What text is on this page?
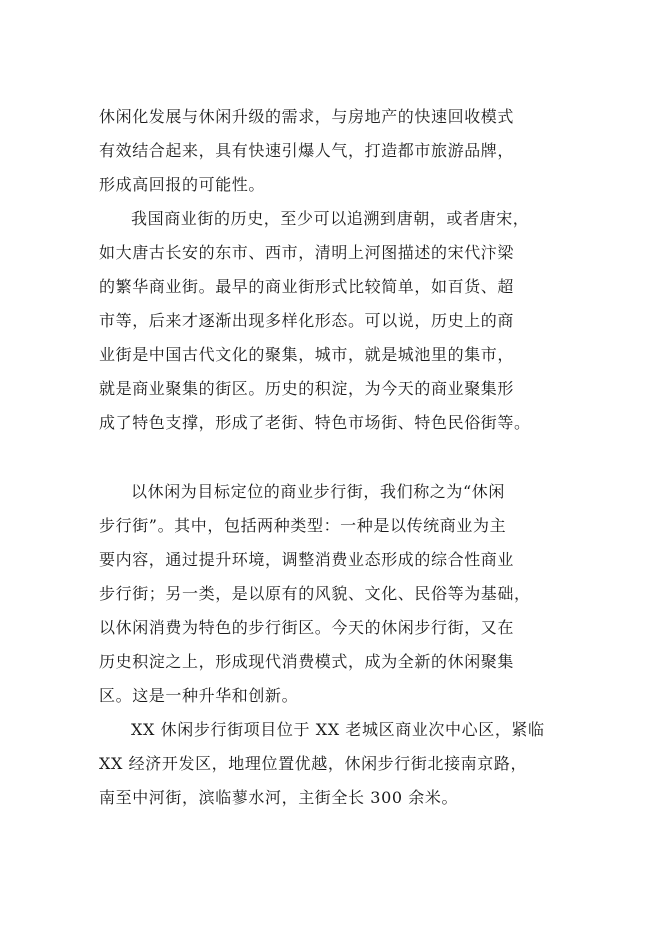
休闲化发展与休闲升级的需求，与房地产的快速回收模式
有效结合起来，具有快速引爆人气，打造都市旅游品牌，
形成高回报的可能性。
我国商业街的历史，至少可以追溯到唐朝，或者唐宋，
如大唐古长安的东市、西市，清明上河图描述的宋代汴梁
的繁华商业街。最早的商业街形式比较简单，如百货、超
市等，后来才逐渐出现多样化形态。可以说，历史上的商
业街是中国古代文化的聚集，城市，就是城池里的集市，
就是商业聚集的街区。历史的积淀，为今天的商业聚集形
成了特色支撑，形成了老街、特色市场街、特色民俗街等。
以休闲为目标定位的商业步行街，我们称之为“休闲
步行街”。其中，包括两种类型：一种是以传统商业为主
要内容，通过提升环境，调整消费业态形成的综合性商业
步行街；另一类，是以原有的风貌、文化、民俗等为基础，
以休闲消费为特色的步行街区。今天的休闲步行街，又在
历史积淀之上，形成现代消费模式，成为全新的休闲聚集
区。这是一种升华和创新。
XX 休闲步行街项目位于 XX 老城区商业次中心区，紧临
XX 经济开发区，地理位置优越，休闲步行街北接南京路，
南至中河街，滨临蓼水河，主街全长 300 余米。
